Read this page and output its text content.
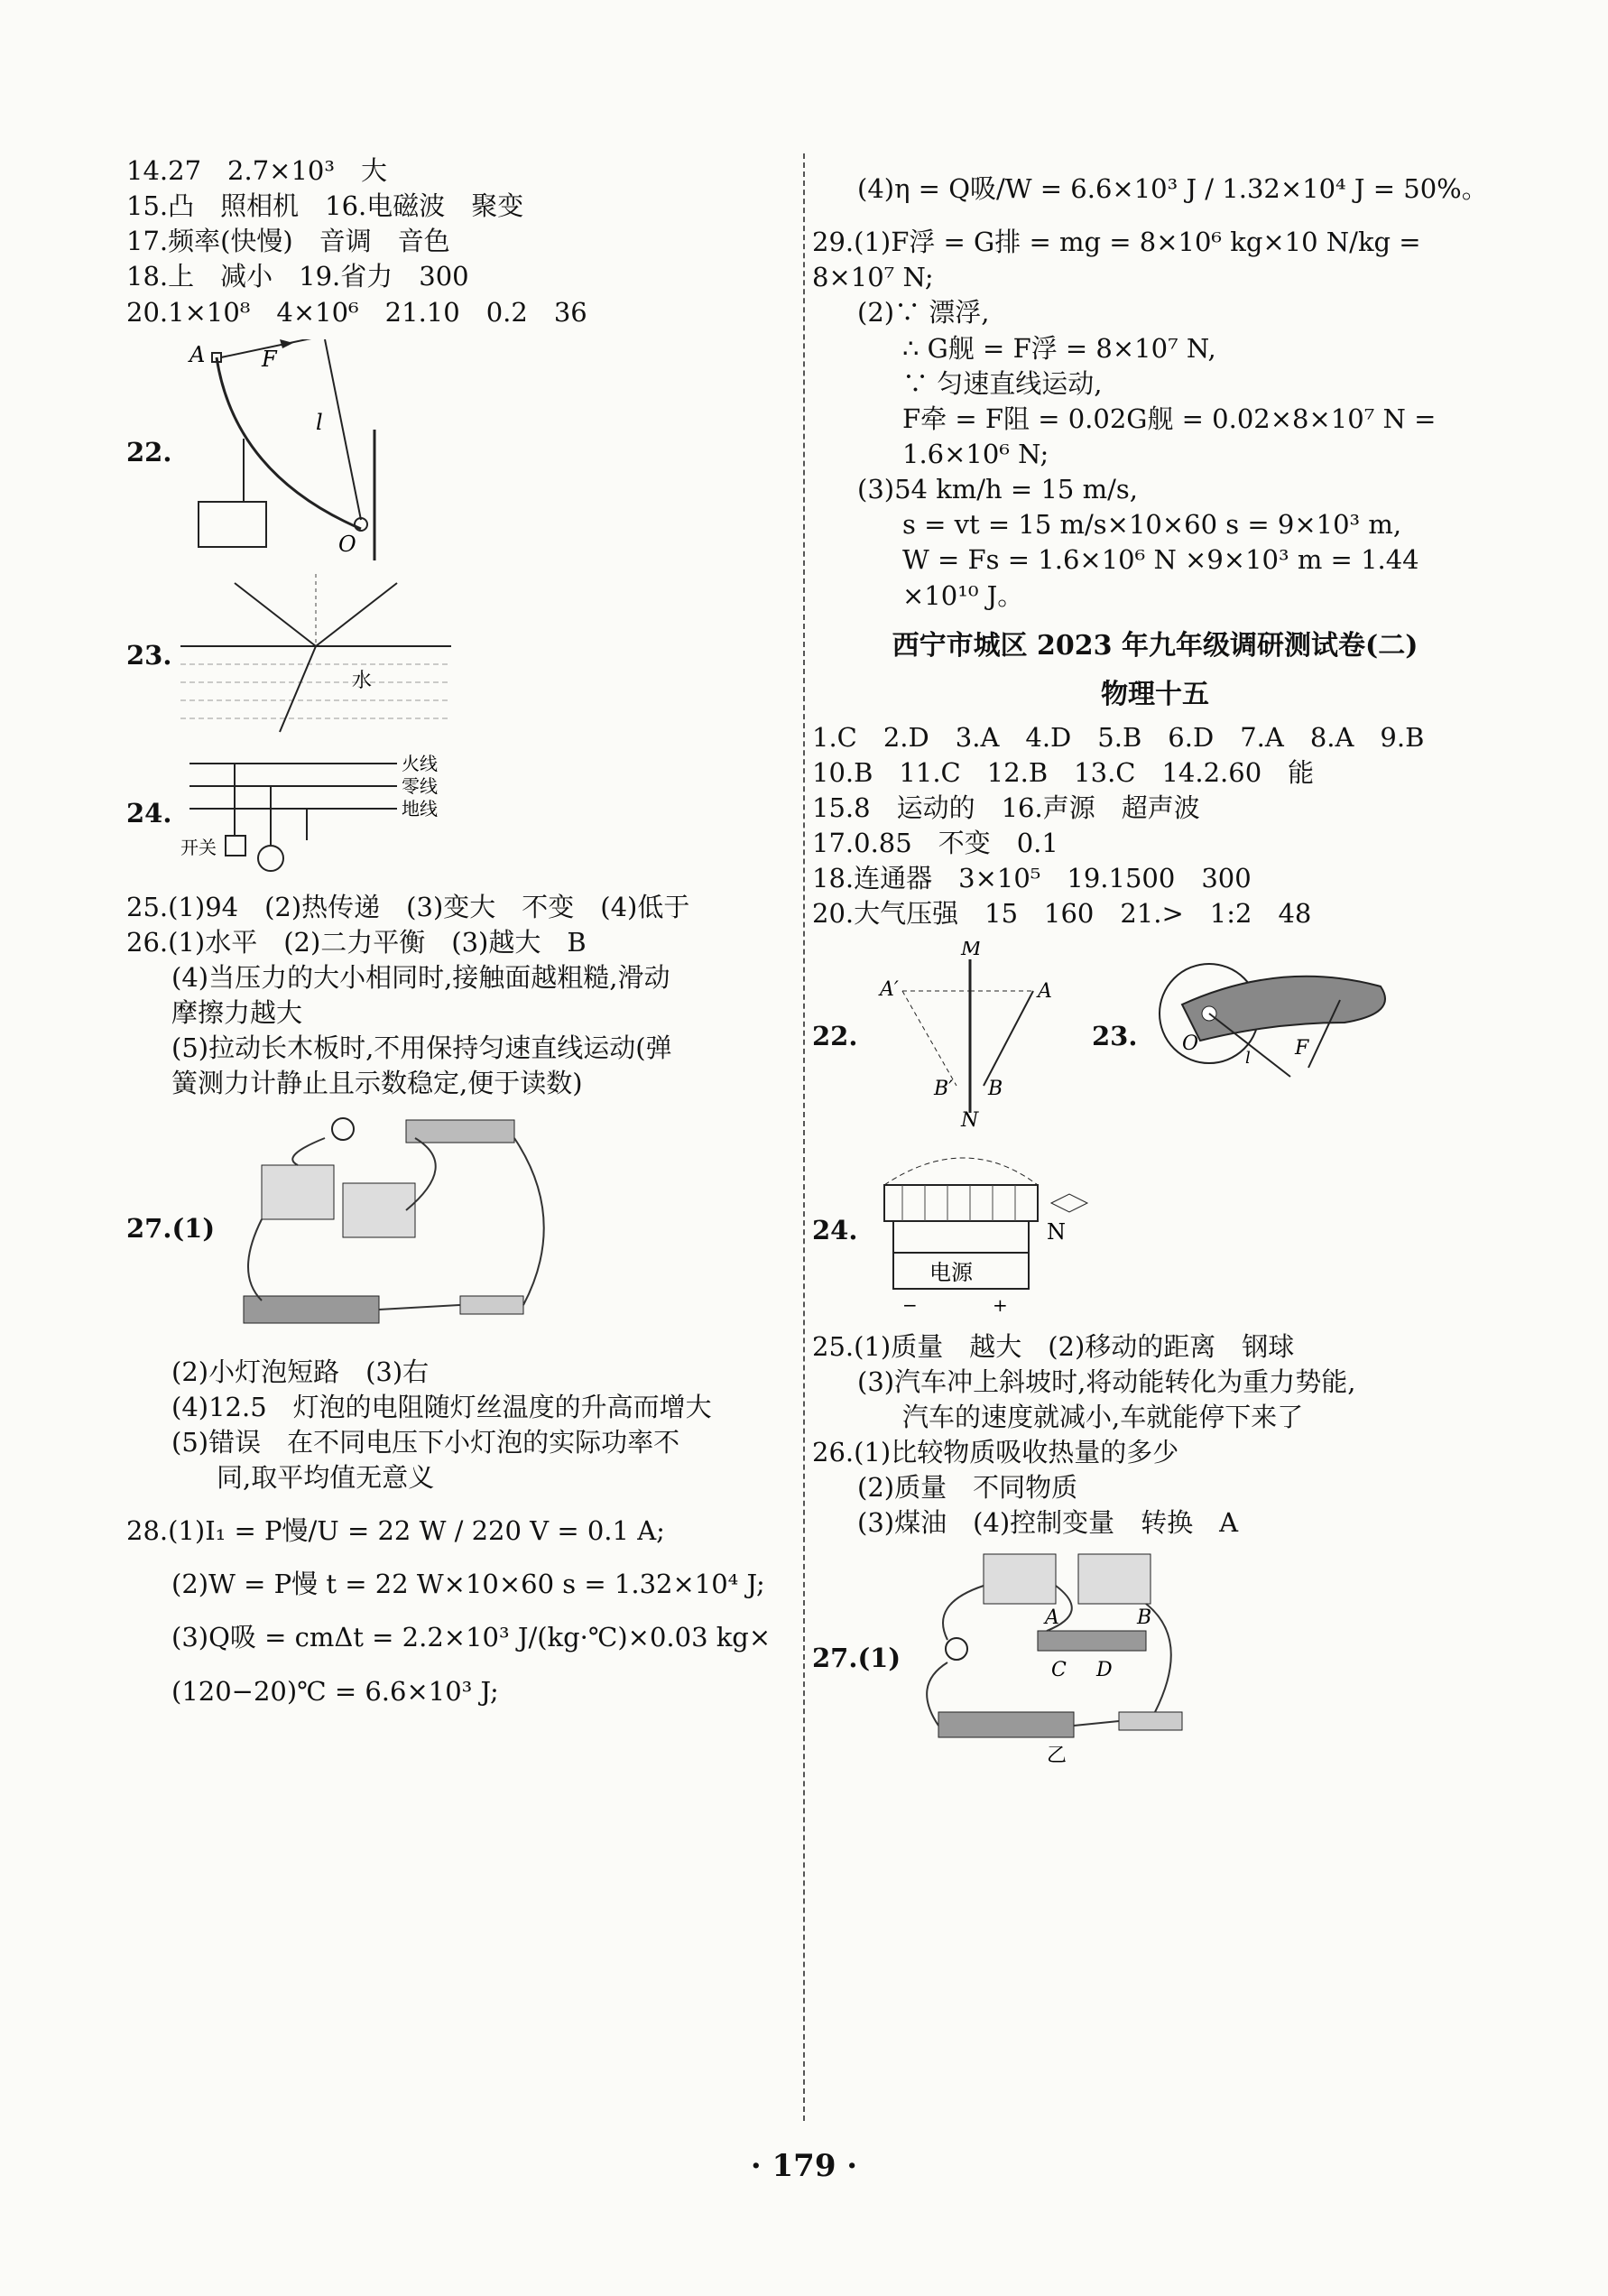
14.27　2.7×10³　大

15.凸　照相机　16.电磁波　聚变

17.频率(快慢)　音调　音色

18.上　减小　19.省力　300

20.1×10⁸　4×10⁶　21.10　0.2　36

22.
A	F
l
O
23.
水
24.
火线
零线
地线
开关

25.(1)94　(2)热传递　(3)变大　不变　(4)低于

26.(1)水平　(2)二力平衡　(3)越大　B

(4)当压力的大小相同时,接触面越粗糙,滑动

摩擦力越大

(5)拉动长木板时,不用保持匀速直线运动(弹

簧测力计静止且示数稳定,便于读数)

27.(1)

(2)小灯泡短路　(3)右

(4)12.5　灯泡的电阻随灯丝温度的升高而增大

(5)错误　在不同电压下小灯泡的实际功率不

同,取平均值无意义

28.(1)I₁ = P慢/U = 22 W / 220 V = 0.1 A;

(2)W = P慢 t = 22 W×10×60 s = 1.32×10⁴ J;

(3)Q吸 = cmΔt = 2.2×10³ J/(kg·℃)×0.03 kg×

(120−20)℃ = 6.6×10³ J;

(4)η = Q吸/W = 6.6×10³ J / 1.32×10⁴ J = 50%。

29.(1)F浮 = G排 = mg = 8×10⁶ kg×10 N/kg = 8×10⁷ N;

(2)∵ 漂浮,

∴ G舰 = F浮 = 8×10⁷ N,

∵ 匀速直线运动,

F牵 = F阻 = 0.02G舰 = 0.02×8×10⁷ N = 1.6×10⁶ N;

(3)54 km/h = 15 m/s,

s = vt = 15 m/s×10×60 s = 9×10³ m,

W = Fs = 1.6×10⁶ N ×9×10³ m = 1.44 ×10¹⁰ J。

西宁市城区 2023 年九年级调研测试卷(二)
物理十五

1.C　2.D　3.A　4.D　5.B　6.D　7.A　8.A　9.B

10.B　11.C　12.B　13.C　14.2.60　能

15.8　运动的　16.声源　超声波

17.0.85　不变　0.1

18.连通器　3×10⁵　19.1500　300

20.大气压强　15　160　21.>　1:2　48

22.
M
A′	A
B′ B
N
23.	O	F
l
24.	N
电源
−	+

25.(1)质量　越大　(2)移动的距离　钢球

(3)汽车冲上斜坡时,将动能转化为重力势能,

汽车的速度就减小,车就能停下来了

26.(1)比较物质吸收热量的多少

(2)质量　不同物质

(3)煤油　(4)控制变量　转换　A

27.(1)
A	B
C D
乙
· 179 ·
